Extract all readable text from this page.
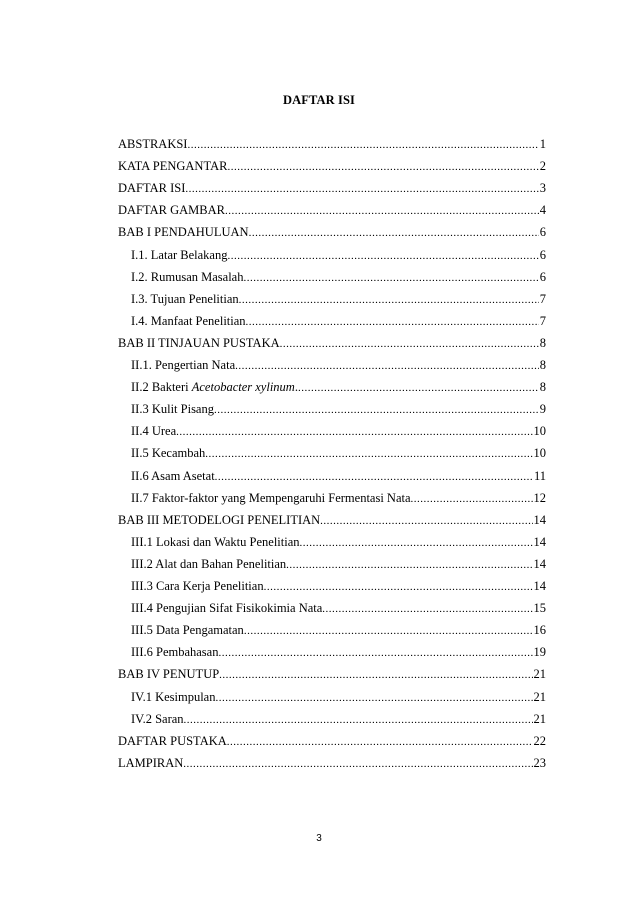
DAFTAR ISI
ABSTRAKSI .....	1
KATA PENGANTAR .....	2
DAFTAR ISI .....	3
DAFTAR GAMBAR .....	4
BAB I PENDAHULUAN .....	6
I.1. Latar Belakang .....	6
I.2. Rumusan Masalah .....	6
I.3. Tujuan Penelitian .....	7
I.4. Manfaat Penelitian .....	7
BAB II TINJAUAN PUSTAKA .....	8
II.1. Pengertian Nata .....	8
II.2 Bakteri Acetobacter xylinum. .....	8
II.3 Kulit Pisang .....	9
II.4 Urea .....	10
II.5 Kecambah .....	10
II.6 Asam Asetat .....	11
II.7 Faktor-faktor yang Mempengaruhi Fermentasi Nata .....	12
BAB III METODELOGI PENELITIAN .....	14
III.1 Lokasi dan Waktu Penelitian .....	14
III.2 Alat dan Bahan Penelitian .....	14
III.3 Cara Kerja Penelitian .....	14
III.4 Pengujian Sifat Fisikokimia Nata .....	15
III.5 Data Pengamatan .....	16
III.6 Pembahasan .....	19
BAB IV PENUTUP .....	21
IV.1 Kesimpulan .....	21
IV.2 Saran .....	21
DAFTAR PUSTAKA .....	22
LAMPIRAN .....	23
3
